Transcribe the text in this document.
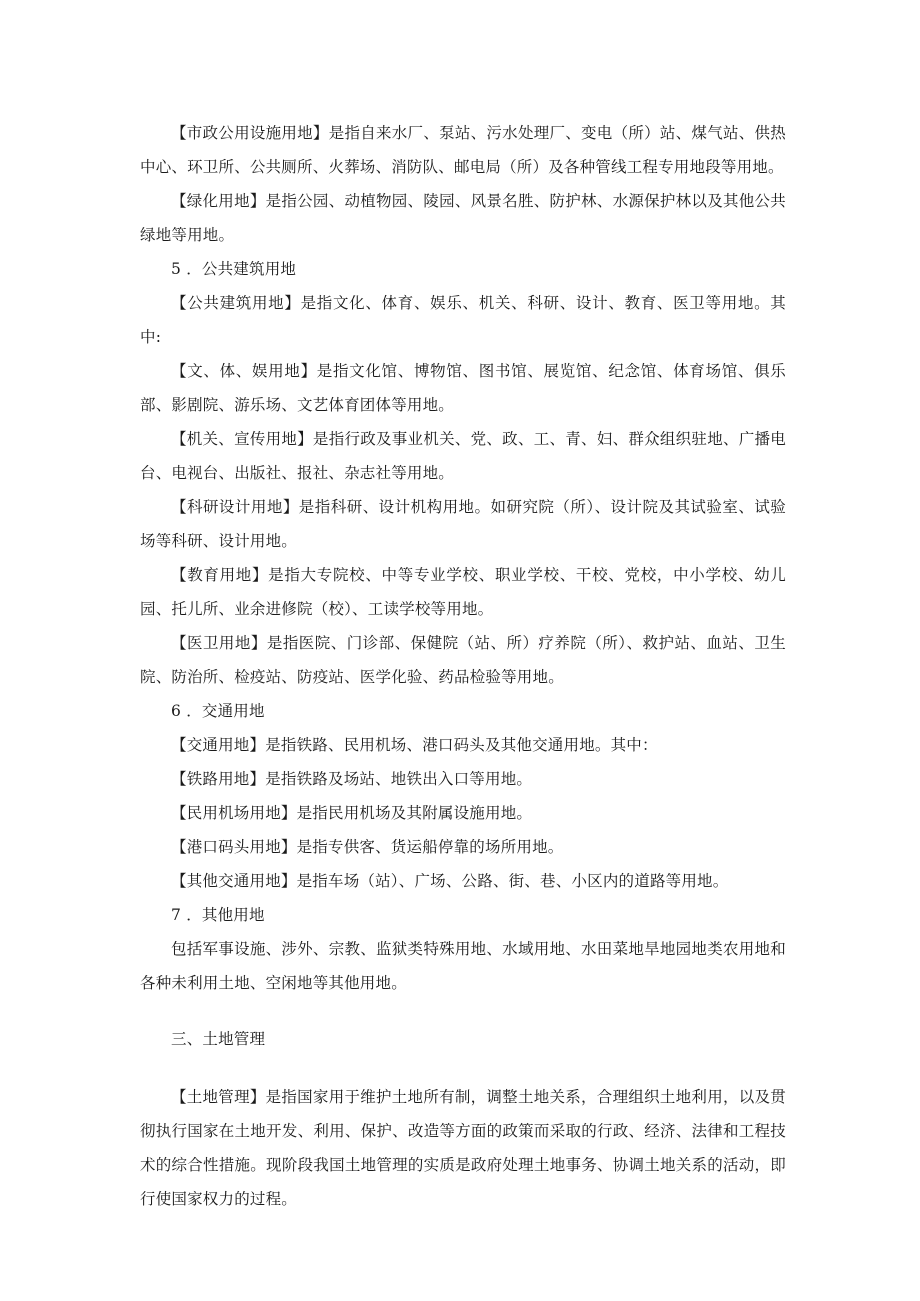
【市政公用设施用地】是指自来水厂、泵站、污水处理厂、变电（所）站、煤气站、供热中心、环卫所、公共厕所、火葬场、消防队、邮电局（所）及各种管线工程专用地段等用地。

【绿化用地】是指公园、动植物园、陵园、风景名胜、防护林、水源保护林以及其他公共绿地等用地。

5 ．公共建筑用地

【公共建筑用地】是指文化、体育、娱乐、机关、科研、设计、教育、医卫等用地。其中:

【文、体、娱用地】是指文化馆、博物馆、图书馆、展览馆、纪念馆、体育场馆、俱乐部、影剧院、游乐场、文艺体育团体等用地。

【机关、宣传用地】是指行政及事业机关、党、政、工、青、妇、群众组织驻地、广播电台、电视台、出版社、报社、杂志社等用地。

【科研设计用地】是指科研、设计机构用地。如研究院（所）、设计院及其试验室、试验场等科研、设计用地。

【教育用地】是指大专院校、中等专业学校、职业学校、干校、党校，中小学校、幼儿园、托儿所、业余进修院（校）、工读学校等用地。

【医卫用地】是指医院、门诊部、保健院（站、所）疗养院（所）、救护站、血站、卫生院、防治所、检疫站、防疫站、医学化验、药品检验等用地。

6 ．交通用地

【交通用地】是指铁路、民用机场、港口码头及其他交通用地。其中：

【铁路用地】是指铁路及场站、地铁出入口等用地。

【民用机场用地】是指民用机场及其附属设施用地。

【港口码头用地】是指专供客、货运船停靠的场所用地。

【其他交通用地】是指车场（站）、广场、公路、街、巷、小区内的道路等用地。

7 ．其他用地

包括军事设施、涉外、宗教、监狱类特殊用地、水域用地、水田菜地旱地园地类农用地和各种未利用土地、空闲地等其他用地。

三、土地管理

【土地管理】是指国家用于维护土地所有制，调整土地关系，合理组织土地利用，以及贯彻执行国家在土地开发、利用、保护、改造等方面的政策而采取的行政、经济、法律和工程技术的综合性措施。现阶段我国土地管理的实质是政府处理土地事务、协调土地关系的活动，即行使国家权力的过程。
